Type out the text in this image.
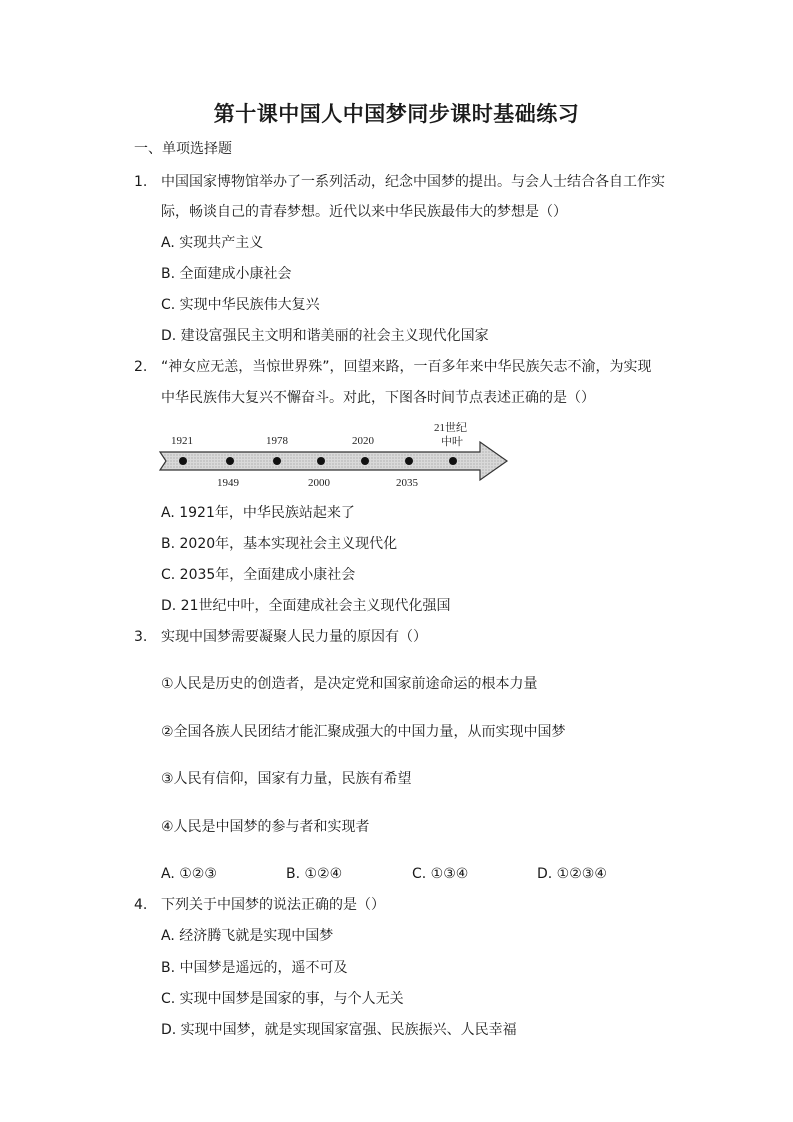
第十课中国人中国梦同步课时基础练习
一、单项选择题
1. 中国国家博物馆举办了一系列活动，纪念中国梦的提出。与会人士结合各自工作实
际，畅谈自己的青春梦想。近代以来中华民族最伟大的梦想是（）
A. 实现共产主义
B. 全面建成小康社会
C. 实现中华民族伟大复兴
D. 建设富强民主文明和谐美丽的社会主义现代化国家
2. “神女应无恙，当惊世界殊”，回望来路，一百多年来中华民族矢志不渝，为实现
中华民族伟大复兴不懈奋斗。对此，下图各时间节点表述正确的是（）
1921	1978	2020
1949	2000	2035
21世纪
中叶
A. 1921年，中华民族站起来了
B. 2020年，基本实现社会主义现代化
C. 2035年，全面建成小康社会
D. 21世纪中叶，全面建成社会主义现代化强国
3. 实现中国梦需要凝聚人民力量的原因有（）
①人民是历史的创造者，是决定党和国家前途命运的根本力量
②全国各族人民团结才能汇聚成强大的中国力量，从而实现中国梦
③人民有信仰，国家有力量，民族有希望
④人民是中国梦的参与者和实现者
A. ①②③	B. ①②④	C. ①③④	D. ①②③④
4. 下列关于中国梦的说法正确的是（）
A. 经济腾飞就是实现中国梦
B. 中国梦是遥远的，遥不可及
C. 实现中国梦是国家的事，与个人无关
D. 实现中国梦，就是实现国家富强、民族振兴、人民幸福
